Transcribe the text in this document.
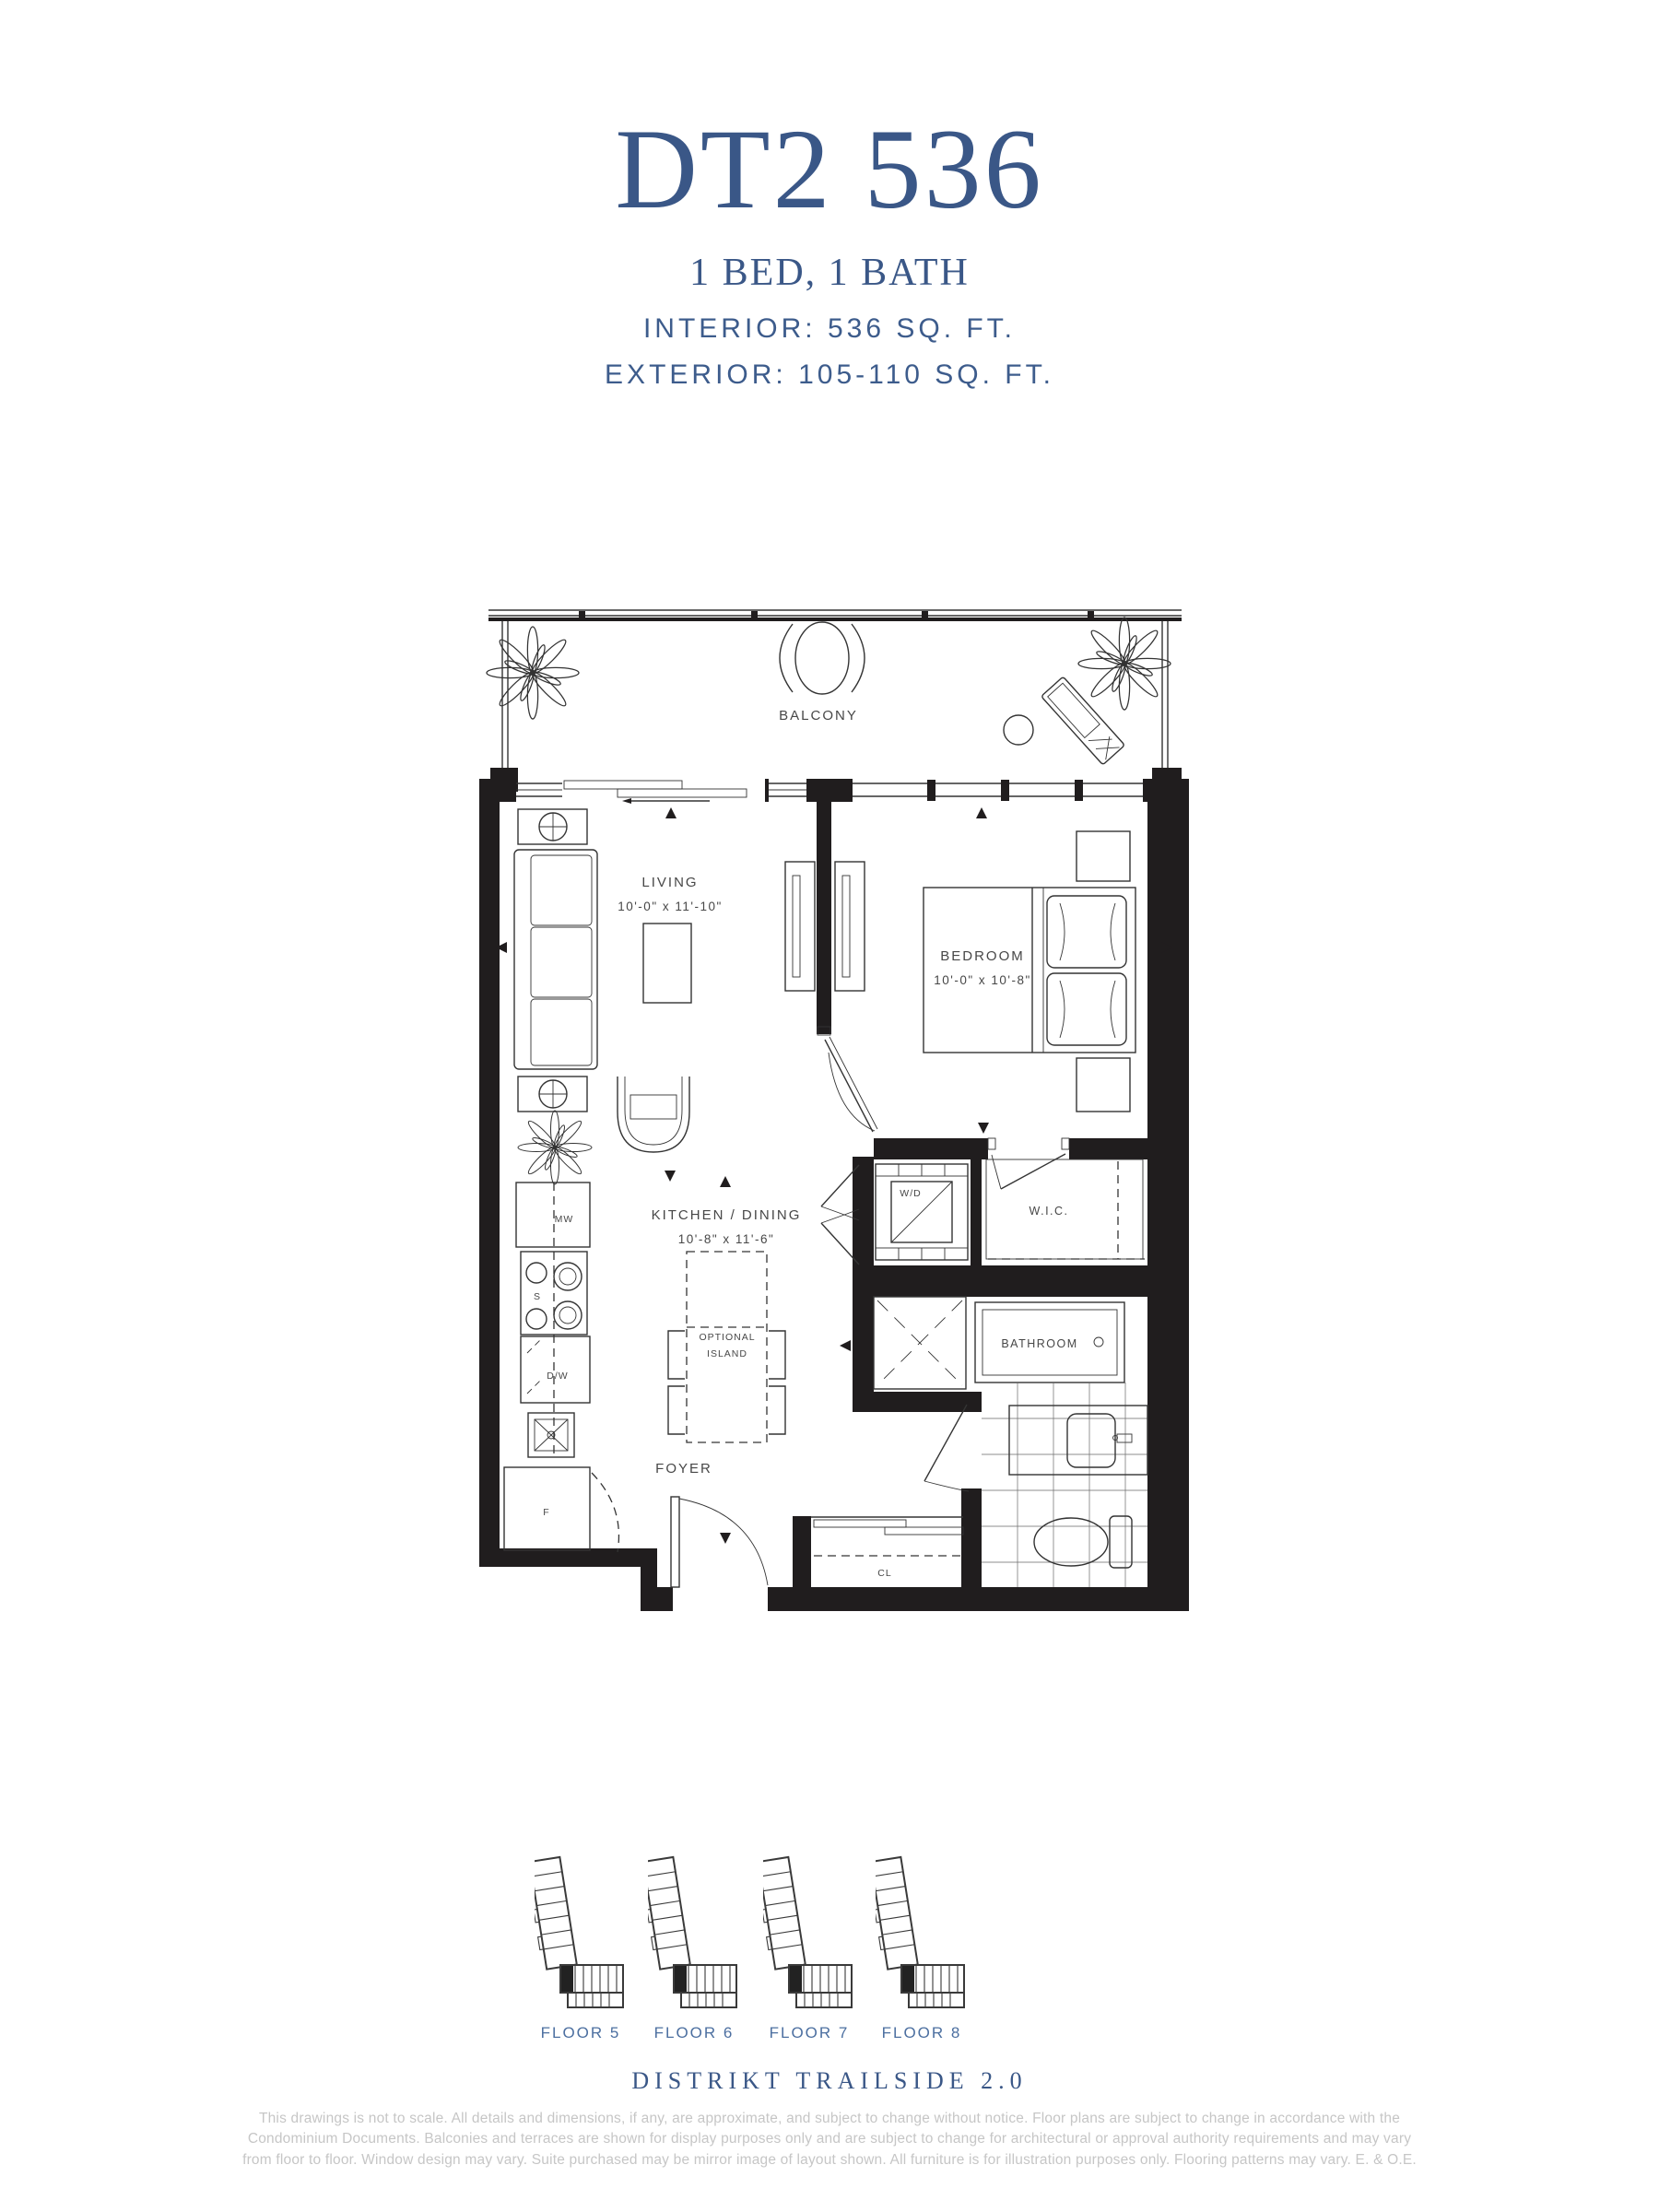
DT2 536
1 BED, 1 BATH
INTERIOR: 536 SQ. FT.
EXTERIOR: 105-110 SQ. FT.
BALCONY
LIVING
10'-0" x 11'-10"
BEDROOM
10'-0" x 10'-8"
W/D
W.I.C.
BATHROOM
MW
S
D/W
F
KITCHEN / DINING
10'-8" x 11'-6"
OPTIONAL
ISLAND
CL
FOYER
FLOOR 5	FLOOR 6	FLOOR 7	FLOOR 8
DISTRIKT TRAILSIDE 2.0
This drawings is not to scale. All details and dimensions, if any, are approximate, and subject to change without notice. Floor plans are subject to change in accordance with the
Condominium Documents. Balconies and terraces are shown for display purposes only and are subject to change for architectural or approval authority requirements and may vary
from floor to floor. Window design may vary. Suite purchased may be mirror image of layout shown. All furniture is for illustration purposes only. Flooring patterns may vary. E. & O.E.
